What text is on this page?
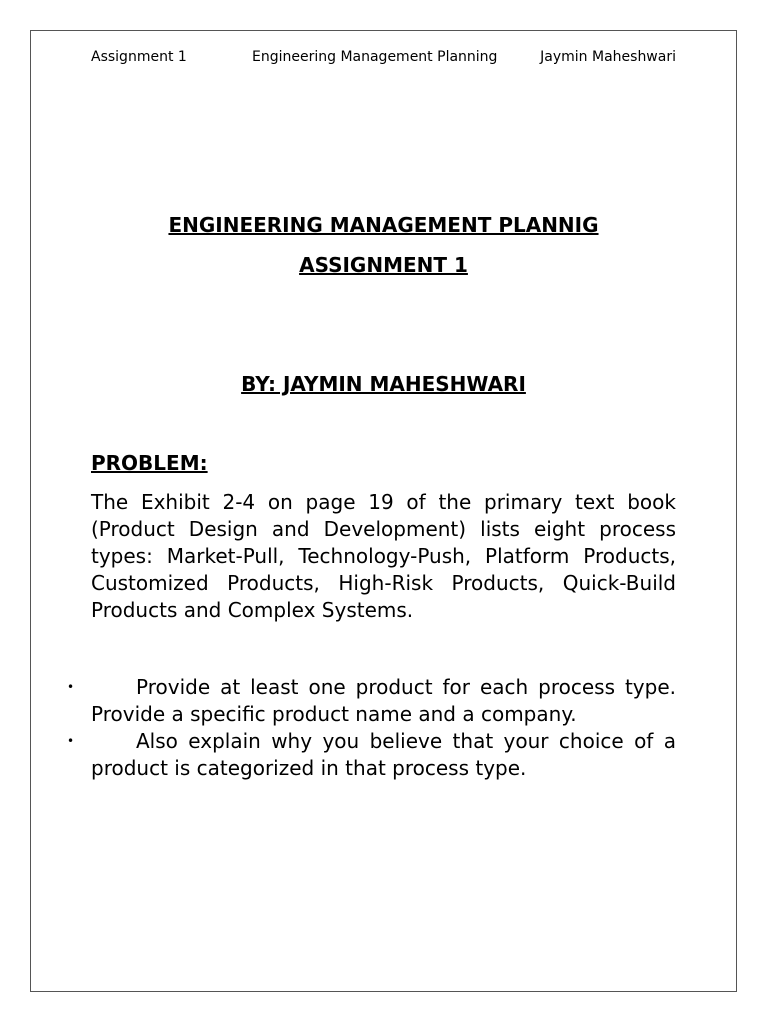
Assignment 1	Engineering Management Planning	Jaymin Maheshwari
ENGINEERING MANAGEMENT PLANNIG
ASSIGNMENT 1
BY: JAYMIN MAHESHWARI
PROBLEM:
The Exhibit 2-4 on page 19 of the primary text book (Product Design and Development) lists eight process types: Market-Pull, Technology-Push, Platform Products, Customized Products, High-Risk Products, Quick-Build Products and Complex Systems.
•	Provide at least one product for each process type. Provide a specific product name and a company.
•	Also explain why you believe that your choice of a product is categorized in that process type.
